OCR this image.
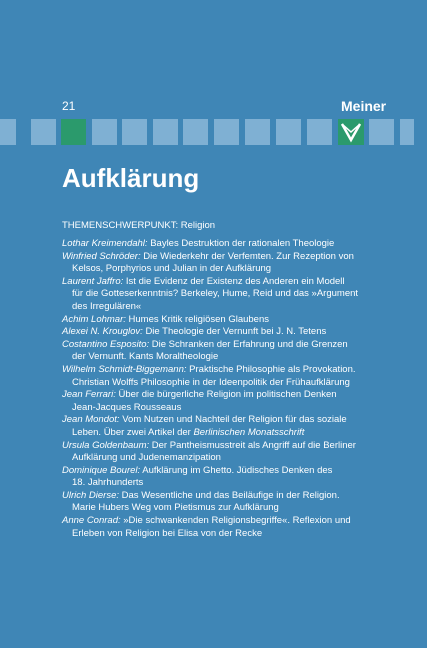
21	Meiner
Aufklärung
THEMENSCHWERPUNKT: Religion
Lothar Kreimendahl: Bayles Destruktion der rationalen Theologie
Winfried Schröder: Die Wiederkehr der Verfemten. Zur Rezeption von
Kelsos, Porphyrios und Julian in der Aufklärung
Laurent Jaffro: Ist die Evidenz der Existenz des Anderen ein Modell
für die Gotteserkenntnis? Berkeley, Hume, Reid und das »Argument
des Irregulären«
Achim Lohmar: Humes Kritik religiösen Glaubens
Alexei N. Krouglov: Die Theologie der Vernunft bei J. N. Tetens
Costantino Esposito: Die Schranken der Erfahrung und die Grenzen
der Vernunft. Kants Moraltheologie
Wilhelm Schmidt-Biggemann: Praktische Philosophie als Provokation.
Christian Wolffs Philosophie in der Ideenpolitik der Frühaufklärung
Jean Ferrari: Über die bürgerliche Religion im politischen Denken
Jean-Jacques Rousseaus
Jean Mondot: Vom Nutzen und Nachteil der Religion für das soziale
Leben. Über zwei Artikel der Berlinischen Monatsschrift
Ursula Goldenbaum: Der Pantheismusstreit als Angriff auf die Berliner
Aufklärung und Judenemanzipation
Dominique Bourel: Aufklärung im Ghetto. Jüdisches Denken des
18. Jahrhunderts
Ulrich Dierse: Das Wesentliche und das Beiläufige in der Religion.
Marie Hubers Weg vom Pietismus zur Aufklärung
Anne Conrad: »Die schwankenden Religionsbegriffe«. Reflexion und
Erleben von Religion bei Elisa von der Recke
